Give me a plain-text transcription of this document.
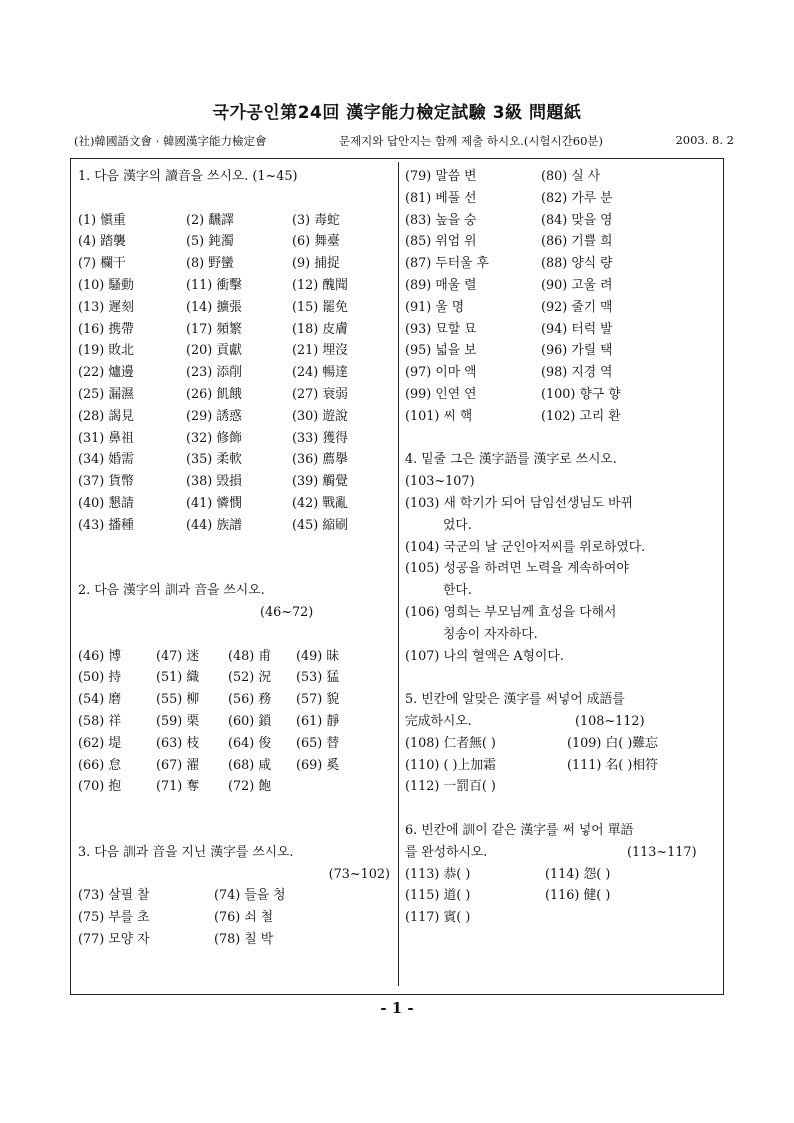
국가공인第24回 漢字能力檢定試驗 3級 問題紙
(社)韓國語文會 · 韓國漢字能力檢定會	문제지와 답안지는 함께 제출 하시오.(시험시간60분)	2003. 8. 2
1. 다음 漢字의 讀音을 쓰시오. (1~45)
(1) 愼重	(2) 飜譯	(3) 毒蛇
(4) 踏襲	(5) 鈍濁	(6) 舞臺
(7) 欄干	(8) 野蠻	(9) 捕捉
(10) 騷動	(11) 衝擊	(12) 醜聞
(13) 遲刻	(14) 擴張	(15) 罷免
(16) 携帶	(17) 頻繁	(18) 皮膚
(19) 敗北	(20) 貢獻	(21) 埋沒
(22) 爐邊	(23) 添削	(24) 暢達
(25) 漏濕	(26) 飢餓	(27) 衰弱
(28) 謁見	(29) 誘惑	(30) 遊說
(31) 鼻祖	(32) 修飾	(33) 獲得
(34) 婚需	(35) 柔軟	(36) 薦擧
(37) 貨幣	(38) 毁損	(39) 觸覺
(40) 懇請	(41) 憐憫	(42) 戰亂
(43) 播種	(44) 族譜	(45) 縮刷
2. 다음 漢字의 訓과 音을 쓰시오.
(46~72)
(46) 博	(47) 迷	(48) 甫	(49) 昧
(50) 持	(51) 織	(52) 況	(53) 猛
(54) 磨	(55) 柳	(56) 務	(57) 貌
(58) 祥	(59) 栗	(60) 鎖	(61) 靜
(62) 堤	(63) 枝	(64) 俊	(65) 替
(66) 怠	(67) 濯	(68) 咸	(69) 奚
(70) 抱	(71) 奪	(72) 飽
3. 다음 訓과 音을 지닌 漢字를 쓰시오.
(73~102)
(73) 살필 찰	(74) 들을 청
(75) 부를 초	(76) 쇠 철
(77) 모양 자	(78) 칠 박
(79) 말씀 변	(80) 실 사
(81) 베풀 선	(82) 가루 분
(83) 높을 숭	(84) 맞을 영
(85) 위엄 위	(86) 기쁠 희
(87) 두터울 후	(88) 양식 량
(89) 매울 렬	(90) 고울 려
(91) 울 명	(92) 줄기 맥
(93) 묘할 묘	(94) 터럭 발
(95) 넓을 보	(96) 가릴 택
(97) 이마 액	(98) 지경 역
(99) 인연 연	(100) 향구 향
(101) 씨 핵	(102) 고리 환
4. 밑줄 그은 漢字語를 漢字로 쓰시오.
(103~107)
(103) 새 학기가 되어 담임선생님도 바뀌
었다.
(104) 국군의 날 군인아저씨를 위로하였다.
(105) 성공을 하려면 노력을 계속하여야
한다.
(106) 영희는 부모님께 효성을 다해서
칭송이 자자하다.
(107) 나의 혈액은 A형이다.
5. 빈칸에 알맞은 漢字를 써넣어 成語를
完成하시오.	(108~112)
(108) 仁者無( )	(109) 白( )難忘
(110) ( )上加霜	(111) 名( )相符
(112) 一罰百( )
6. 빈칸에 訓이 같은 漢字를 써 넣어 單語
를 완성하시오.	(113~117)
(113) 恭( )	(114) 怨( )
(115) 道( )	(116) 健( )
(117) 賓( )
- 1 -
